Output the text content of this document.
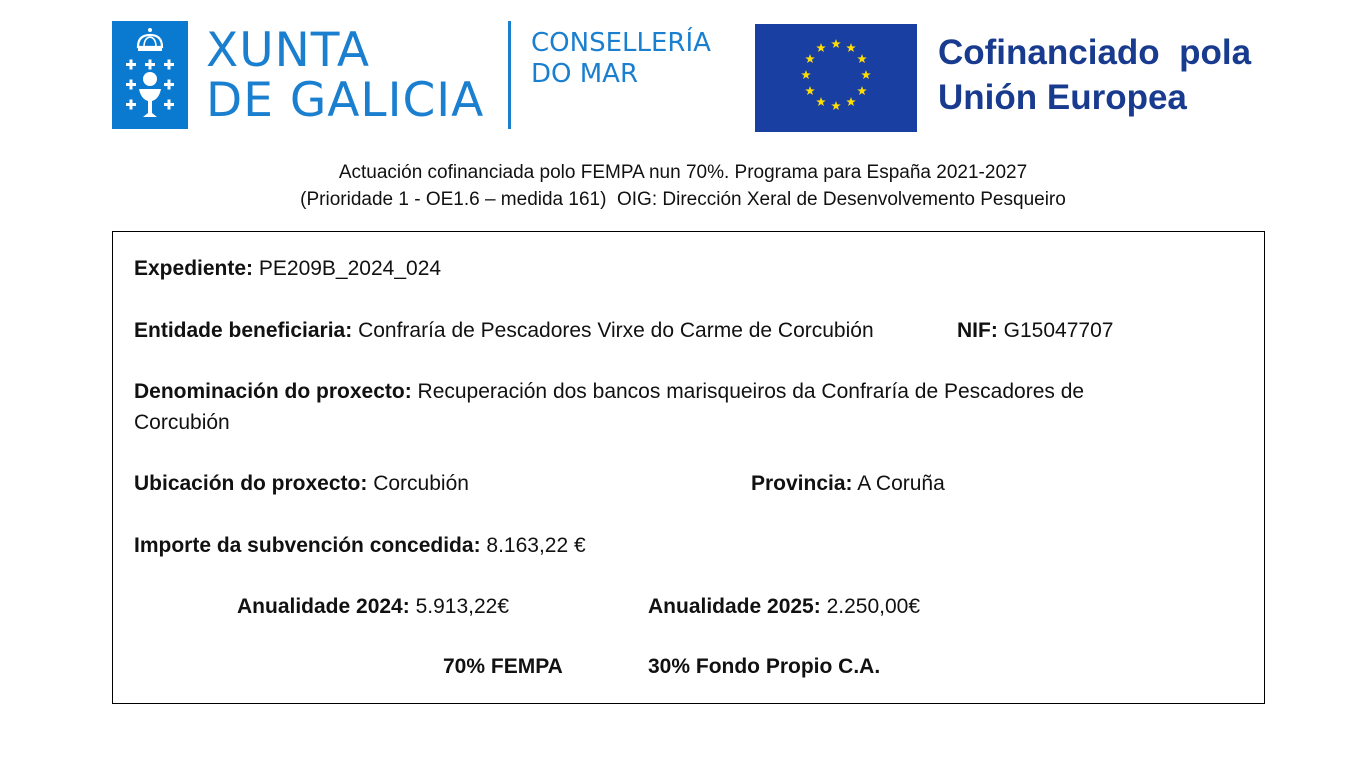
XUNTA
DE GALICIA
CONSELLERÍA
DO MAR
Cofinanciado  pola
Unión Europea
Actuación cofinanciada polo FEMPA nun 70%. Programa para España 2021-2027
(Prioridade 1 - OE1.6 – medida 161)  OIG: Dirección Xeral de Desenvolvemento Pesqueiro
Expediente: PE209B_2024_024
Entidade beneficiaria: Confraría de Pescadores Virxe do Carme de Corcubión	NIF: G15047707
Denominación do proxecto: Recuperación dos bancos marisqueiros da Confraría de Pescadores de
Corcubión
Ubicación do proxecto: Corcubión	Provincia: A Coruña
Importe da subvención concedida: 8.163,22 €
Anualidade 2024: 5.913,22€	Anualidade 2025: 2.250,00€
70% FEMPA	30% Fondo Propio C.A.
